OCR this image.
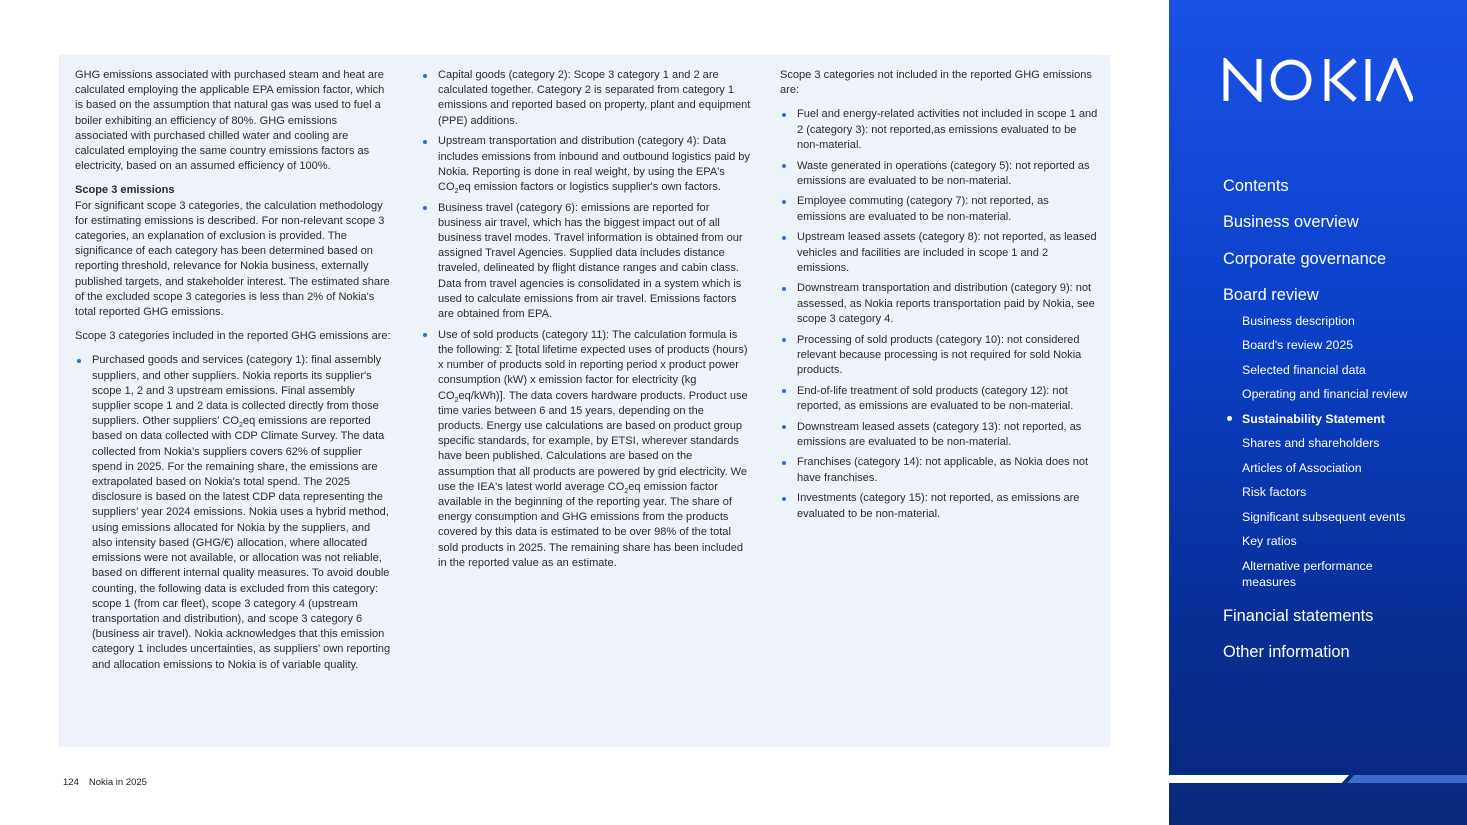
GHG emissions associated with purchased steam and heat are calculated employing the applicable EPA emission factor, which is based on the assumption that natural gas was used to fuel a boiler exhibiting an efficiency of 80%. GHG emissions associated with purchased chilled water and cooling are calculated employing the same country emissions factors as electricity, based on an assumed efficiency of 100%.

Scope 3 emissions

For significant scope 3 categories, the calculation methodology for estimating emissions is described. For non-relevant scope 3 categories, an explanation of exclusion is provided. The significance of each category has been determined based on reporting threshold, relevance for Nokia business, externally published targets, and stakeholder interest. The estimated share of the excluded scope 3 categories is less than 2% of Nokia's total reported GHG emissions.

Scope 3 categories included in the reported GHG emissions are:

Purchased goods and services (category 1): final assembly suppliers, and other suppliers. Nokia reports its supplier's scope 1, 2 and 3 upstream emissions. Final assembly supplier scope 1 and 2 data is collected directly from those suppliers. Other suppliers' $CO_2eq$ emissions are reported based on data collected with CDP Climate Survey. The data collected from Nokia's suppliers covers 62% of supplier spend in 2025. For the remaining share, the emissions are extrapolated based on Nokia's total spend. The 2025 disclosure is based on the latest CDP data representing the suppliers' year 2024 emissions. Nokia uses a hybrid method, using emissions allocated for Nokia by the suppliers, and also intensity based (GHG/€) allocation, where allocated emissions were not available, or allocation was not reliable, based on different internal quality measures. To avoid double counting, the following data is excluded from this category: scope 1 (from car fleet), scope 3 category 4 (upstream transportation and distribution), and scope 3 category 6 (business air travel). Nokia acknowledges that this emission category 1 includes uncertainties, as suppliers' own reporting and allocation emissions to Nokia is of variable quality.
Capital goods (category 2): Scope 3 category 1 and 2 are calculated together. Category 2 is separated from category 1 emissions and reported based on property, plant and equipment (PPE) additions.
Upstream transportation and distribution (category 4): Data includes emissions from inbound and outbound logistics paid by Nokia. Reporting is done in real weight, by using the EPA's $CO_2eq$ emission factors or logistics supplier's own factors.
Business travel (category 6): emissions are reported for business air travel, which has the biggest impact out of all business travel modes. Travel information is obtained from our assigned Travel Agencies. Supplied data includes distance traveled, delineated by flight distance ranges and cabin class. Data from travel agencies is consolidated in a system which is used to calculate emissions from air travel. Emissions factors are obtained from EPA.
Use of sold products (category 11): The calculation formula is the following: Σ [total lifetime expected uses of products (hours) x number of products sold in reporting period x product power consumption (kW) x emission factor for electricity (kg $CO_2eq/kWh$)]. The data covers hardware products. Product use time varies between 6 and 15 years, depending on the products. Energy use calculations are based on product group specific standards, for example, by ETSI, wherever standards have been published. Calculations are based on the assumption that all products are powered by grid electricity. We use the IEA's latest world average $CO_2eq$ emission factor available in the beginning of the reporting year. The share of energy consumption and GHG emissions from the products covered by this data is estimated to be over 98% of the total sold products in 2025. The remaining share has been included in the reported value as an estimate.

Scope 3 categories not included in the reported GHG emissions are:

Fuel and energy-related activities not included in scope 1 and 2 (category 3): not reported,as emissions evaluated to be non-material.
Waste generated in operations (category 5): not reported as emissions are evaluated to be non-material.
Employee commuting (category 7): not reported, as emissions are evaluated to be non-material.
Upstream leased assets (category 8): not reported, as leased vehicles and facilities are included in scope 1 and 2 emissions.
Downstream transportation and distribution (category 9): not assessed, as Nokia reports transportation paid by Nokia, see scope 3 category 4.
Processing of sold products (category 10): not considered relevant because processing is not required for sold Nokia products.
End-of-life treatment of sold products (category 12): not reported, as emissions are evaluated to be non-material.
Downstream leased assets (category 13): not reported, as emissions are evaluated to be non-material.
Franchises (category 14): not applicable, as Nokia does not have franchises.
Investments (category 15): not reported, as emissions are evaluated to be non-material.
124 Nokia in 2025
Contents
Business overview
Corporate governance
Board review
Business description
Board's review 2025
Selected financial data
Operating and financial review
Sustainability Statement
Shares and shareholders
Articles of Association
Risk factors
Significant subsequent events
Key ratios
Alternative performance
measures
Financial statements
Other information
